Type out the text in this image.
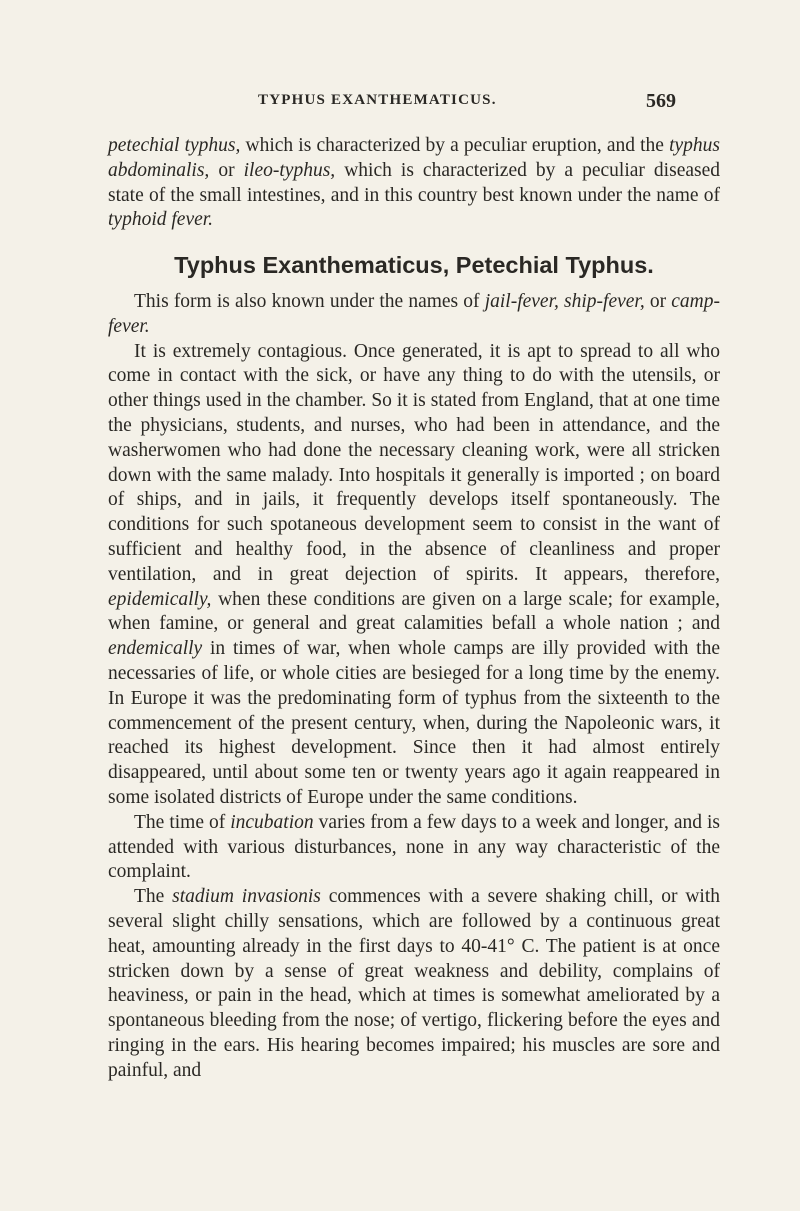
TYPHUS EXANTHEMATICUS.	569

petechial typhus, which is characterized by a peculiar eruption, and the typhus abdominalis, or ileo-typhus, which is characterized by a peculiar diseased state of the small intestines, and in this country best known under the name of typhoid fever.

Typhus Exanthematicus, Petechial Typhus.

This form is also known under the names of jail-fever, ship-fever, or camp-fever.

It is extremely contagious. Once generated, it is apt to spread to all who come in contact with the sick, or have any thing to do with the utensils, or other things used in the chamber. So it is stated from England, that at one time the physicians, students, and nurses, who had been in attendance, and the washerwomen who had done the necessary cleaning work, were all stricken down with the same malady. Into hospitals it generally is imported ; on board of ships, and in jails, it frequently develops itself spontaneously. The conditions for such spotaneous development seem to consist in the want of sufficient and healthy food, in the absence of cleanliness and proper ventilation, and in great dejection of spirits. It appears, therefore, epidemically, when these conditions are given on a large scale; for example, when famine, or general and great calamities befall a whole nation ; and endemically in times of war, when whole camps are illy provided with the necessaries of life, or whole cities are besieged for a long time by the enemy. In Europe it was the predominating form of typhus from the sixteenth to the commencement of the present century, when, during the Napoleonic wars, it reached its highest development. Since then it had almost entirely disappeared, until about some ten or twenty years ago it again reappeared in some isolated districts of Europe under the same conditions.

The time of incubation varies from a few days to a week and longer, and is attended with various disturbances, none in any way characteristic of the complaint.

The stadium invasionis commences with a severe shaking chill, or with several slight chilly sensations, which are followed by a continuous great heat, amounting already in the first days to 40-41° C. The patient is at once stricken down by a sense of great weakness and debility, complains of heaviness, or pain in the head, which at times is somewhat ameliorated by a spontaneous bleeding from the nose; of vertigo, flickering before the eyes and ringing in the ears. His hearing becomes impaired; his muscles are sore and painful, and
